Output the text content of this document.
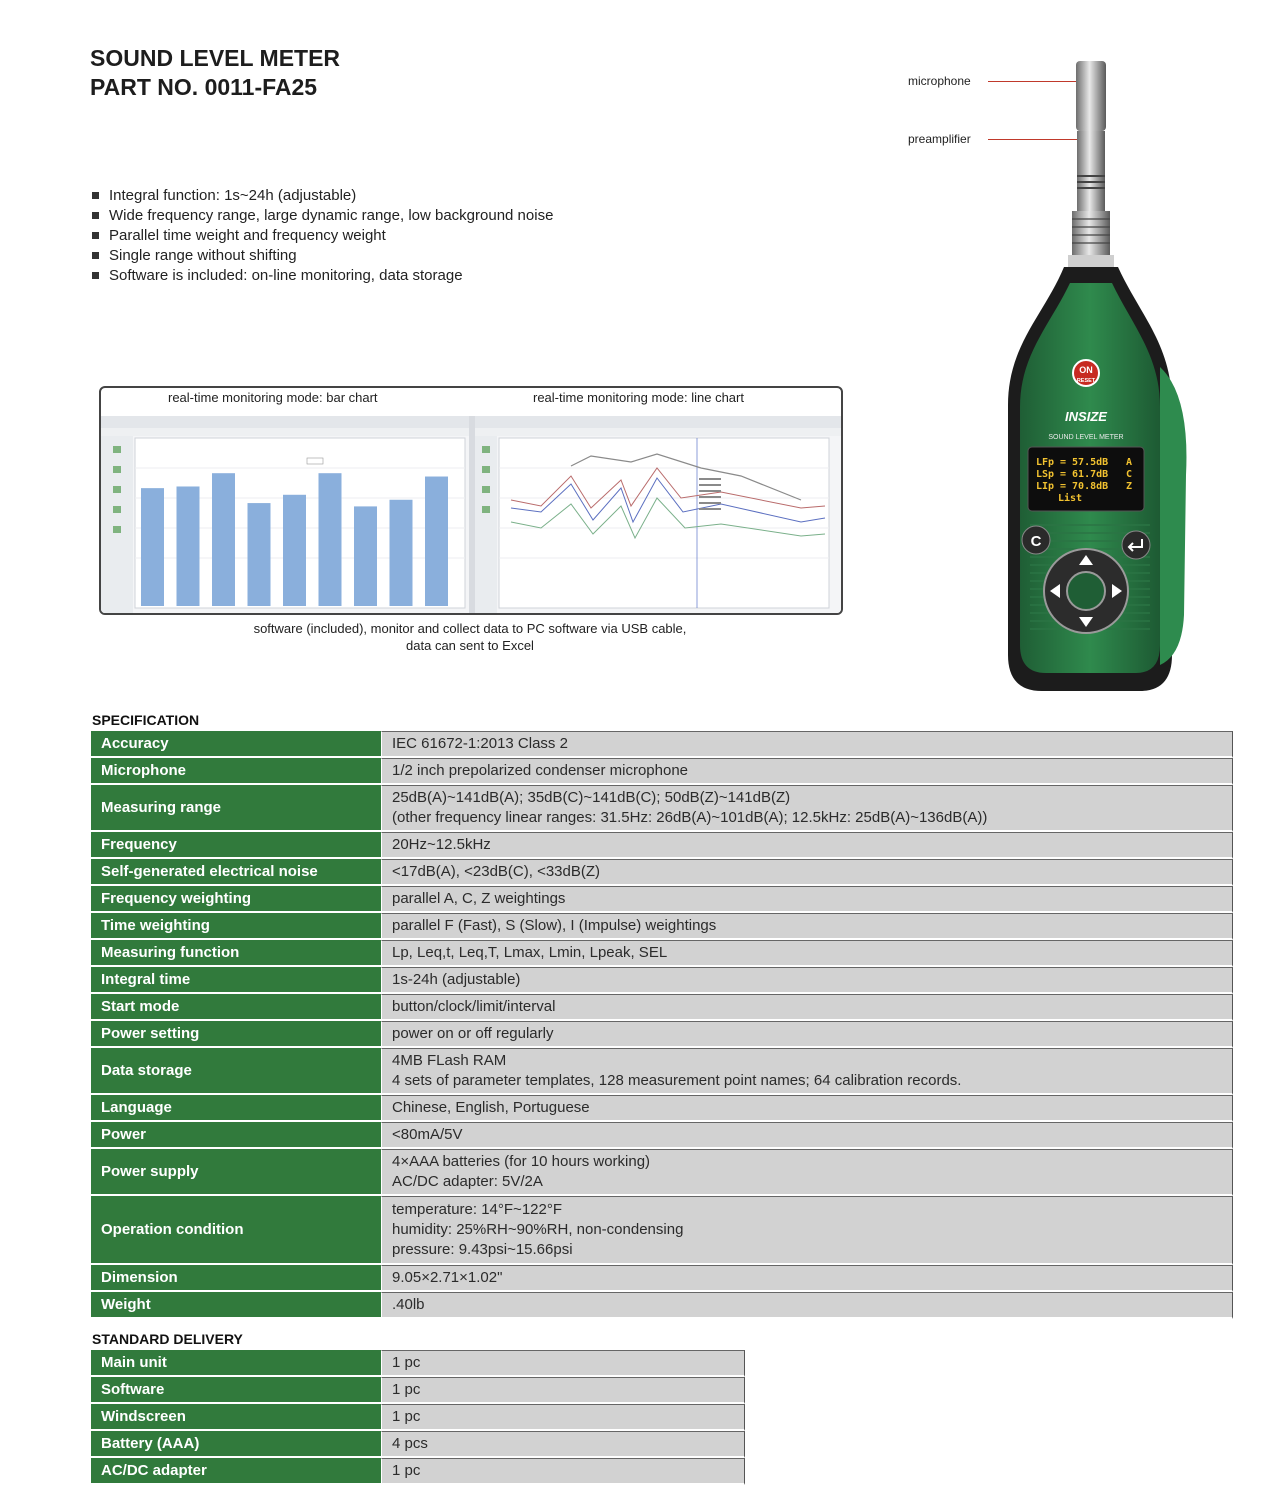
SOUND LEVEL METER
PART NO. 0011-FA25
Integral function: 1s~24h (adjustable)
Wide frequency range, large dynamic range, low background noise
Parallel time weight and frequency weight
Single range without shifting
Software is included: on-line monitoring, data storage
real-time monitoring mode: bar chart	real-time monitoring mode: line chart
software (included), monitor and collect data to PC software via USB cable,
data can sent to Excel
microphone
preamplifier
ON
RESET
INSIZE
SOUND LEVEL METER
LFp = 57.5dB A
LSp = 61.7dB C
LIp = 70.8dB Z
List
C
SPECIFICATION
Accuracy	IEC 61672-1:2013 Class 2

Microphone	1/2 inch prepolarized condenser microphone

Measuring range	25dB(A)~141dB(A); 35dB(C)~141dB(C); 50dB(Z)~141dB(Z)
(other frequency linear ranges: 31.5Hz: 26dB(A)~101dB(A); 12.5kHz: 25dB(A)~136dB(A))

Frequency	20Hz~12.5kHz

Self-generated electrical noise	<17dB(A), <23dB(C), <33dB(Z)

Frequency weighting	parallel A, C, Z weightings

Time weighting	parallel F (Fast), S (Slow), I (Impulse) weightings

Measuring function	Lp, Leq,t, Leq,T, Lmax, Lmin, Lpeak, SEL

Integral time	1s-24h (adjustable)

Start mode	button/clock/limit/interval

Power setting	power on or off regularly

Data storage	4MB FLash RAM
4 sets of parameter templates, 128 measurement point names; 64 calibration records.

Language	Chinese, English, Portuguese

Power	<80mA/5V

Power supply	4×AAA batteries (for 10 hours working)
AC/DC adapter: 5V/2A

Operation condition	temperature: 14°F~122°F
humidity: 25%RH~90%RH, non-condensing
pressure: 9.43psi~15.66psi

Dimension	9.05×2.71×1.02"

Weight	.40lb
STANDARD DELIVERY
Main unit	1 pc

Software	1 pc

Windscreen	1 pc

Battery (AAA)	4 pcs

AC/DC adapter	1 pc
